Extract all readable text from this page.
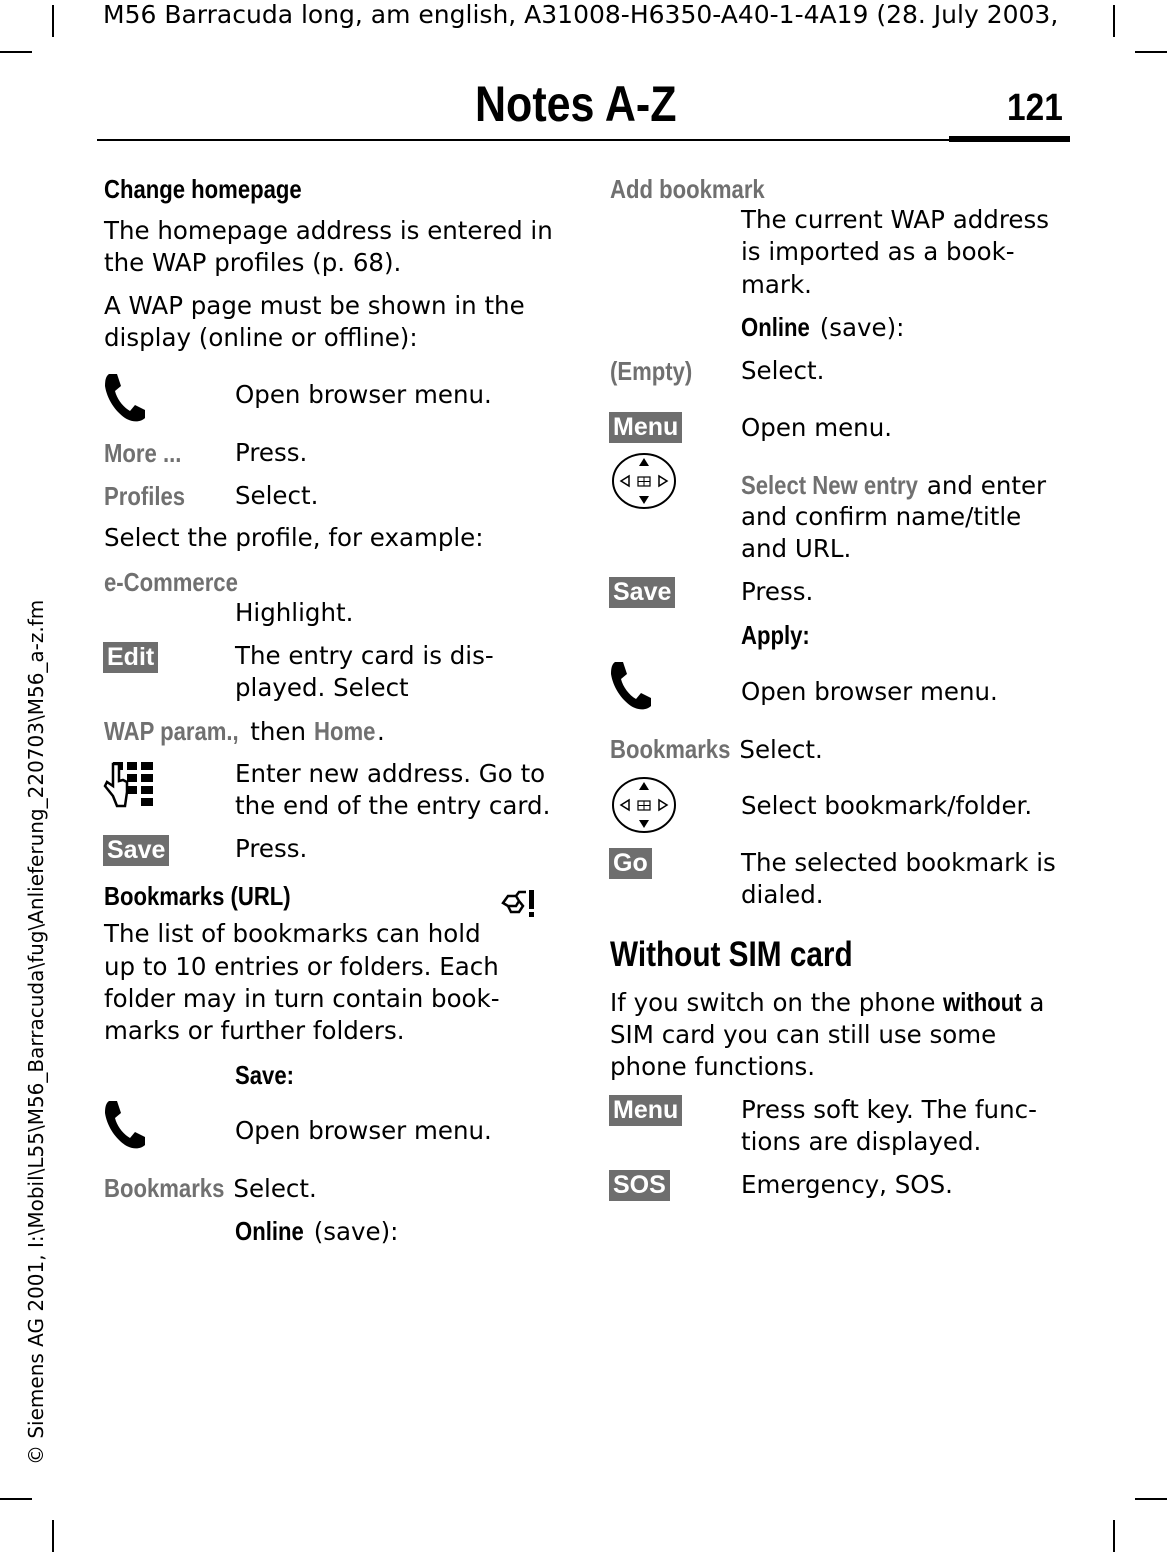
M56 Barracuda long, am english, A31008-H6350-A40-1-4A19 (28. July 2003,
© Siemens AG 2001, I:\Mobil\L55\M56_Barracuda\fug\Anlieferung_220703\M56_a-z.fm
Notes A-Z	121
Change homepage
The homepage address is entered in
the WAP profiles (p. 68).
A WAP page must be shown in the
display (online or offline):
Open browser menu.
More ... Press.
Profiles Select.
Select the profile, for example:
e-Commerce
Highlight.
Edit	The entry card is dis-
played. Select
WAP param., then Home.
Enter new address. Go to
the end of the entry card.
Save	Press.
Bookmarks (URL)
The list of bookmarks can hold
up to 10 entries or folders. Each
folder may in turn contain book-
marks or further folders.
Save:
Open browser menu.
Bookmarks Select.
Online (save):
Add bookmark
The current WAP address
is imported as a book-
mark.
Online (save):
(Empty) Select.
Menu	Open menu.
Select New entry and enter
and confirm name/title
and URL.
Save	Press.
Apply:
Open browser menu.
Bookmarks Select.
Select bookmark/folder.
Go	The selected bookmark is
dialed.
Without SIM card
If you switch on the phone without a
SIM card you can still use some
phone functions.
Menu	Press soft key. The func-
tions are displayed.
SOS	Emergency, SOS.
